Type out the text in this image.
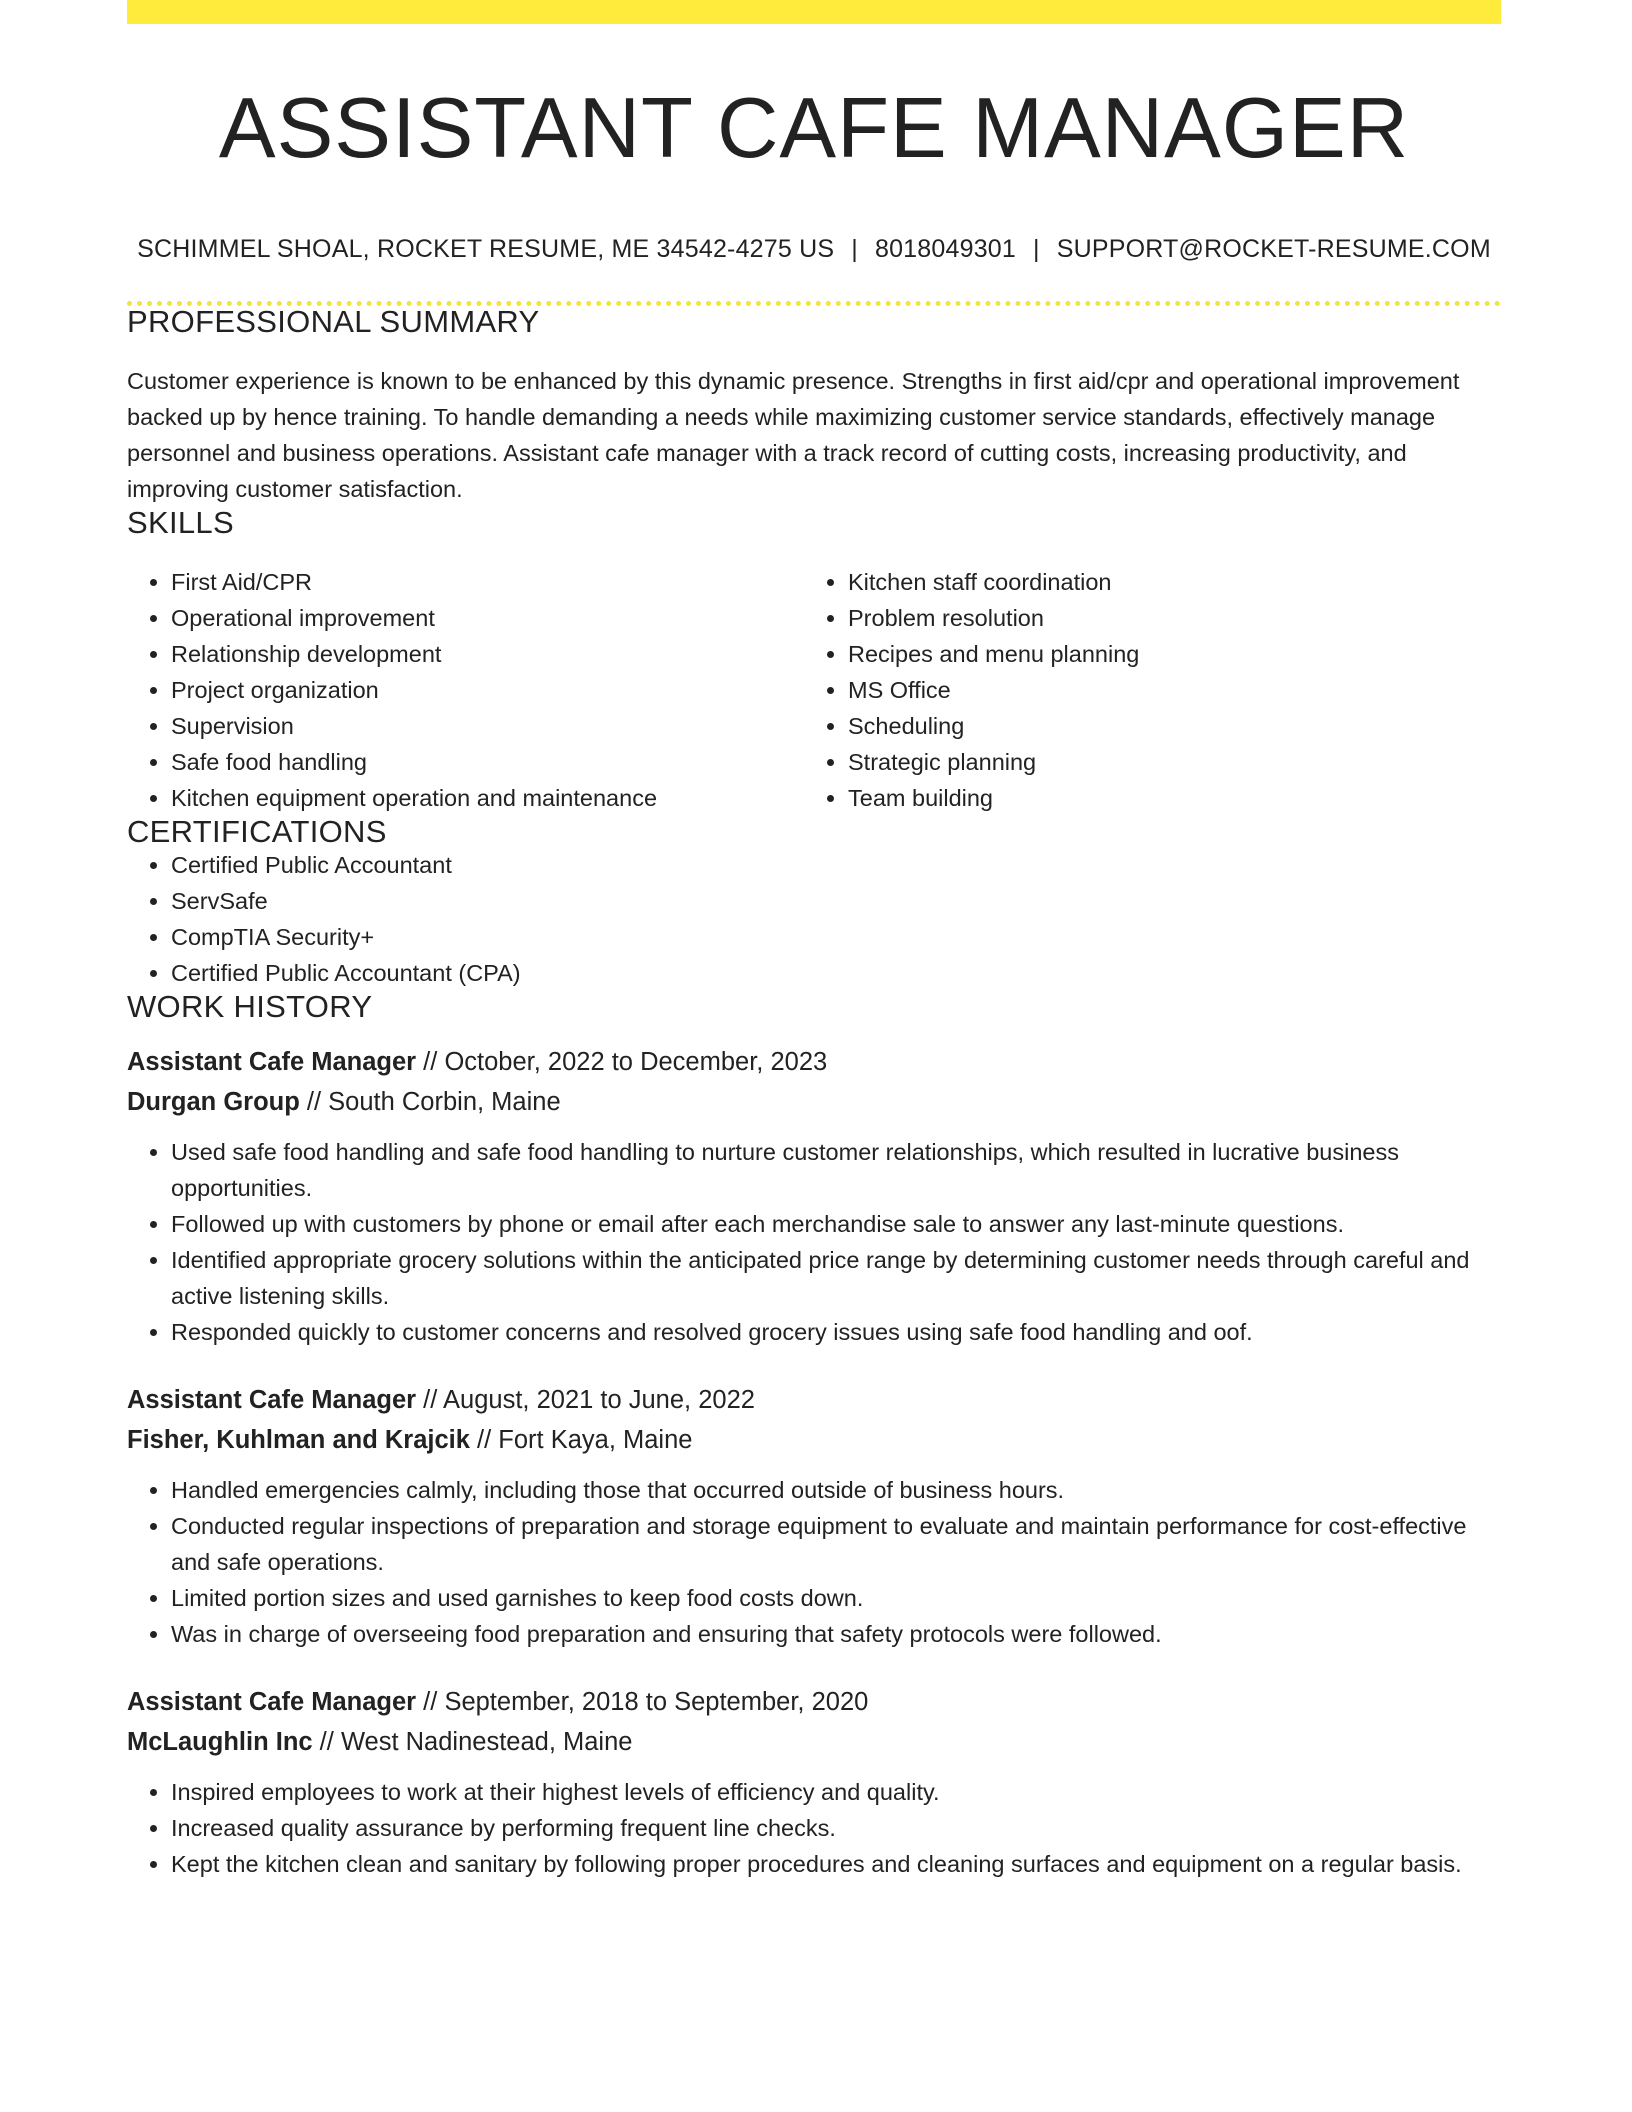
ASSISTANT CAFE MANAGER
SCHIMMEL SHOAL, ROCKET RESUME, ME 34542-4275 US | 8018049301 | SUPPORT@ROCKET-RESUME.COM
PROFESSIONAL SUMMARY

Customer experience is known to be enhanced by this dynamic presence. Strengths in first aid/cpr and operational improvement backed up by hence training. To handle demanding a needs while maximizing customer service standards, effectively manage personnel and business operations. Assistant cafe manager with a track record of cutting costs, increasing productivity, and improving customer satisfaction.

SKILLS
• First Aid/CPR
• Operational improvement
• Relationship development
• Project organization
• Supervision
• Safe food handling
• Kitchen equipment operation and maintenance
• Kitchen staff coordination
• Problem resolution
• Recipes and menu planning
• MS Office
• Scheduling
• Strategic planning
• Team building
CERTIFICATIONS
• Certified Public Accountant
• ServSafe
• CompTIA Security+
• Certified Public Accountant (CPA)
WORK HISTORY
Assistant Cafe Manager // October, 2022 to December, 2023
Durgan Group // South Corbin, Maine
• Used safe food handling and safe food handling to nurture customer relationships, which resulted in lucrative business opportunities.
• Followed up with customers by phone or email after each merchandise sale to answer any last-minute questions.
• Identified appropriate grocery solutions within the anticipated price range by determining customer needs through careful and active listening skills.
• Responded quickly to customer concerns and resolved grocery issues using safe food handling and oof.
Assistant Cafe Manager // August, 2021 to June, 2022
Fisher, Kuhlman and Krajcik // Fort Kaya, Maine
• Handled emergencies calmly, including those that occurred outside of business hours.
• Conducted regular inspections of preparation and storage equipment to evaluate and maintain performance for cost-effective and safe operations.
• Limited portion sizes and used garnishes to keep food costs down.
• Was in charge of overseeing food preparation and ensuring that safety protocols were followed.
Assistant Cafe Manager // September, 2018 to September, 2020
McLaughlin Inc // West Nadinestead, Maine
• Inspired employees to work at their highest levels of efficiency and quality.
• Increased quality assurance by performing frequent line checks.
• Kept the kitchen clean and sanitary by following proper procedures and cleaning surfaces and equipment on a regular basis.
